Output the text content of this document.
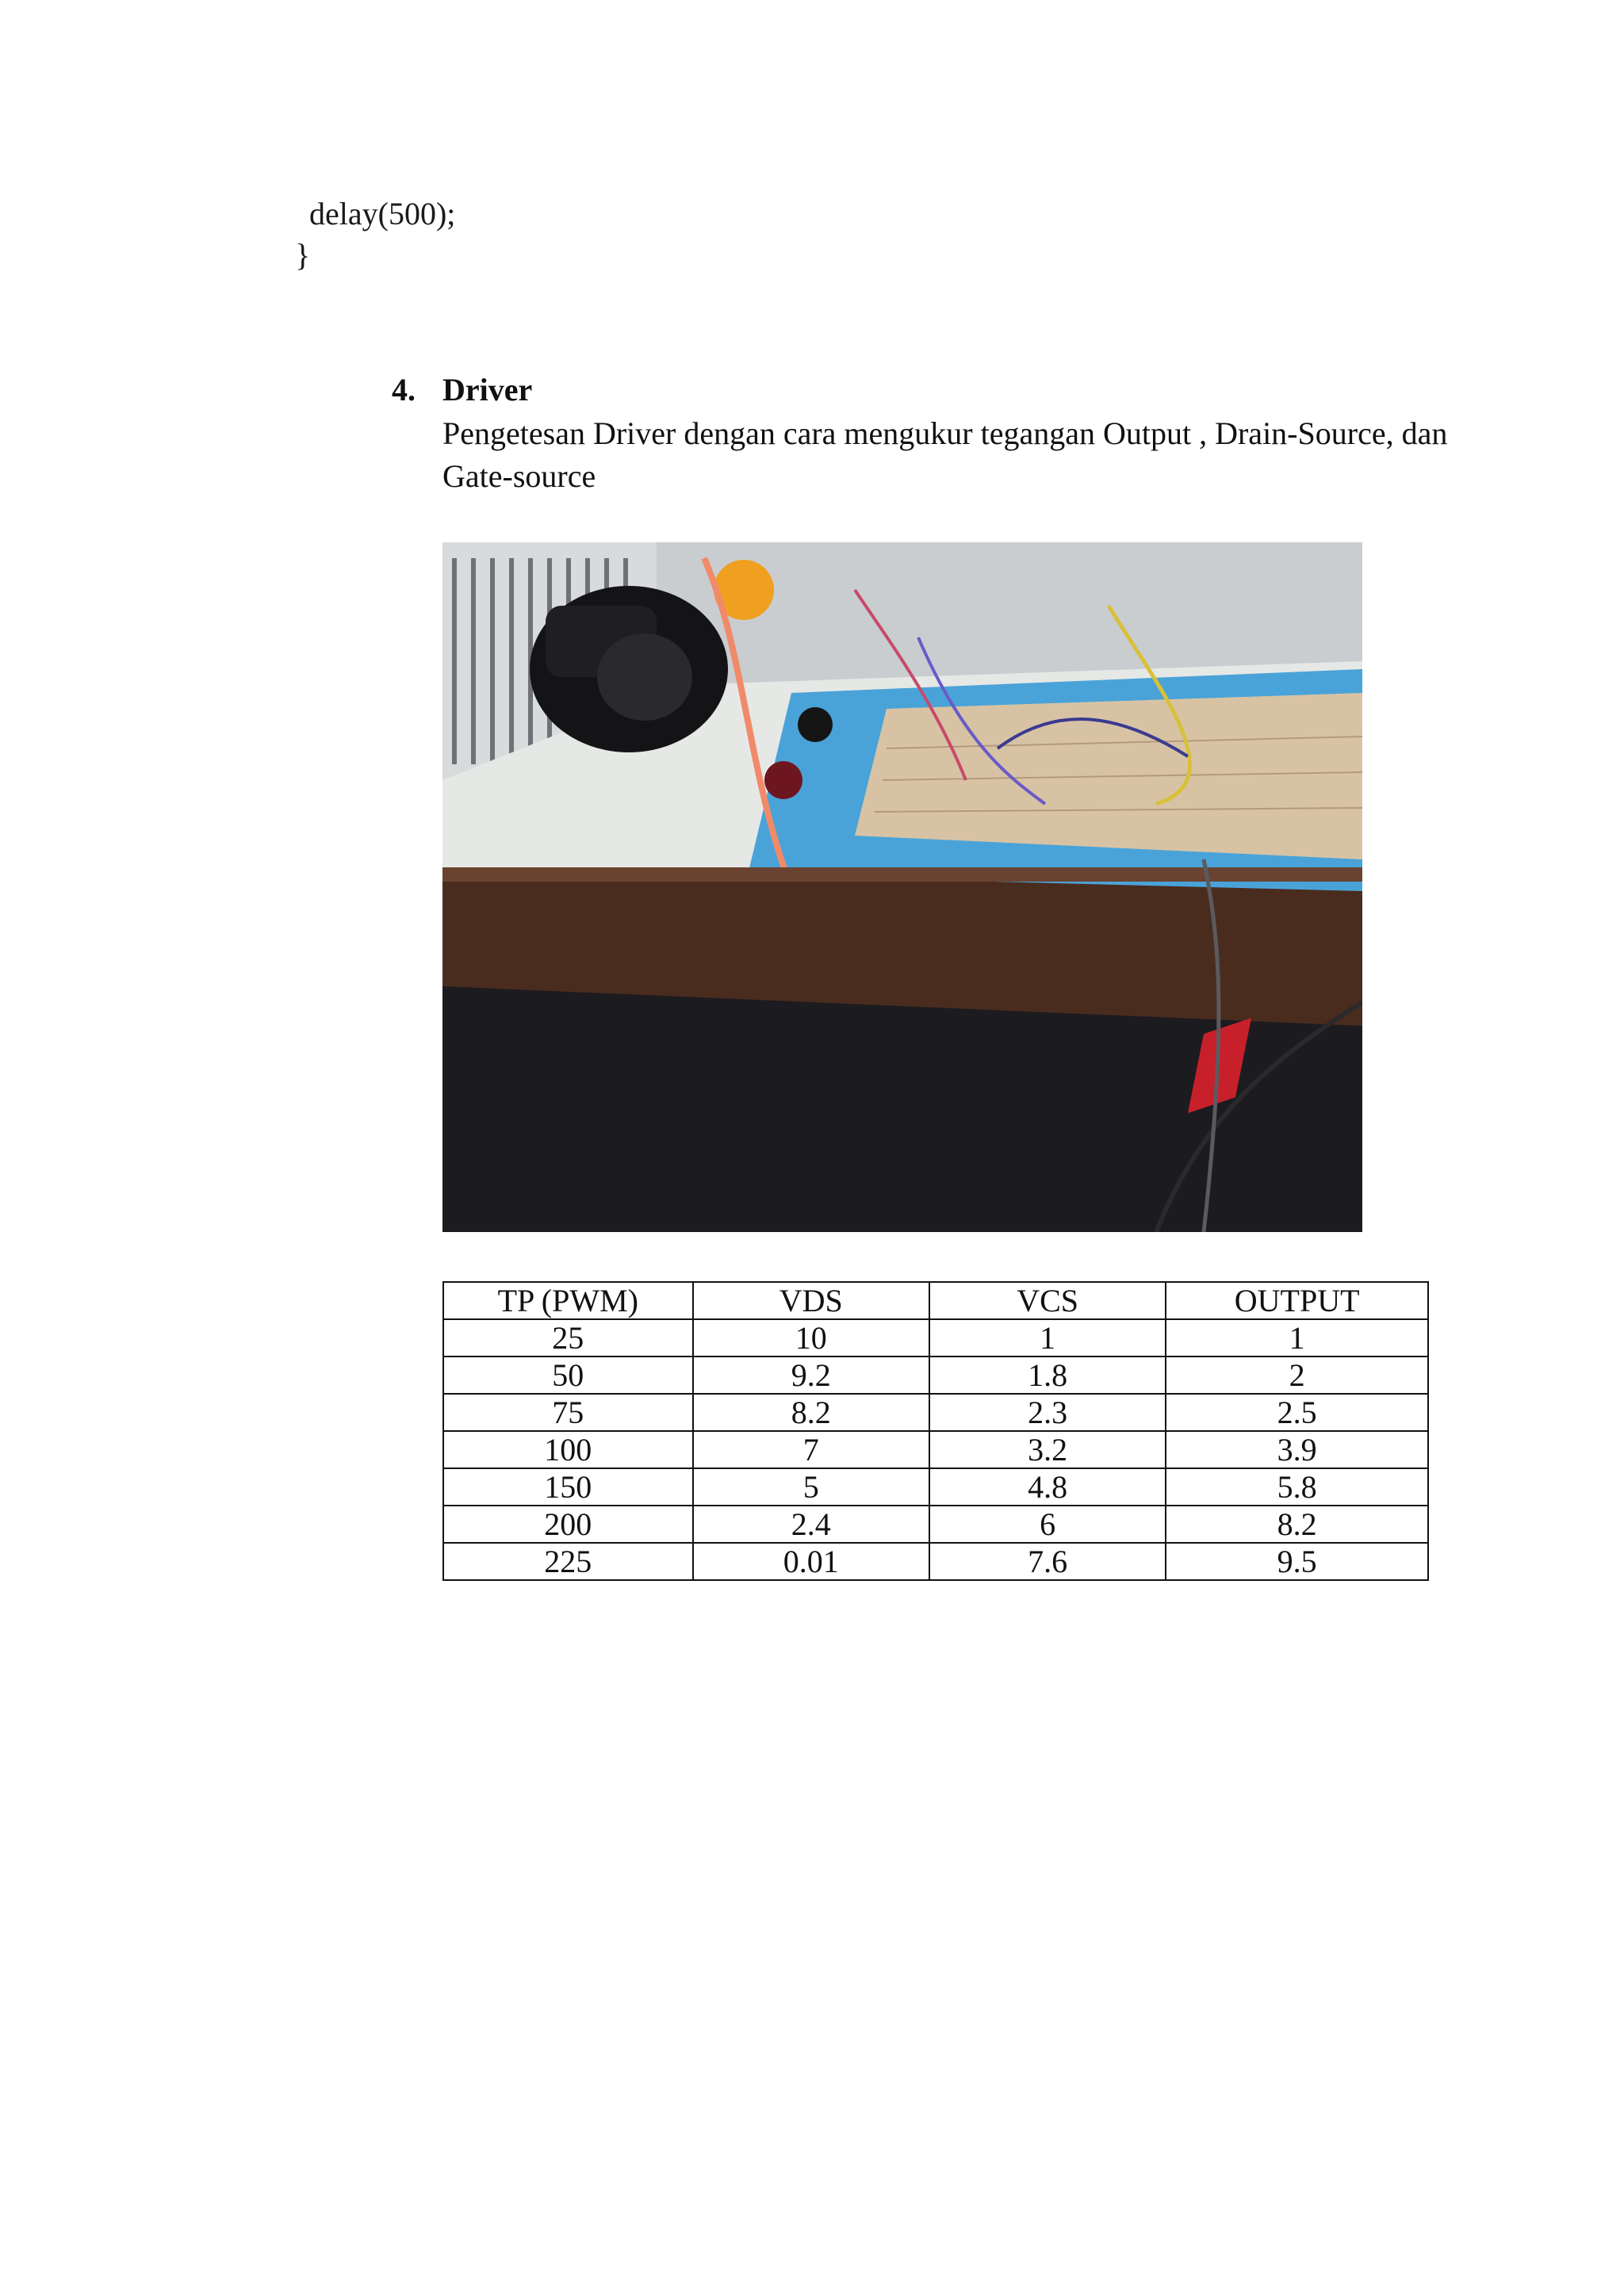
delay(500);
}
4. Driver
Pengetesan Driver dengan cara mengukur tegangan Output , Drain-Source, dan Gate-source
TP (PWM)	VDS	VCS	OUTPUT
25	10	1	1
50	9.2	1.8	2
75	8.2	2.3	2.5
100	7	3.2	3.9
150	5	4.8	5.8
200	2.4	6	8.2
225	0.01	7.6	9.5
